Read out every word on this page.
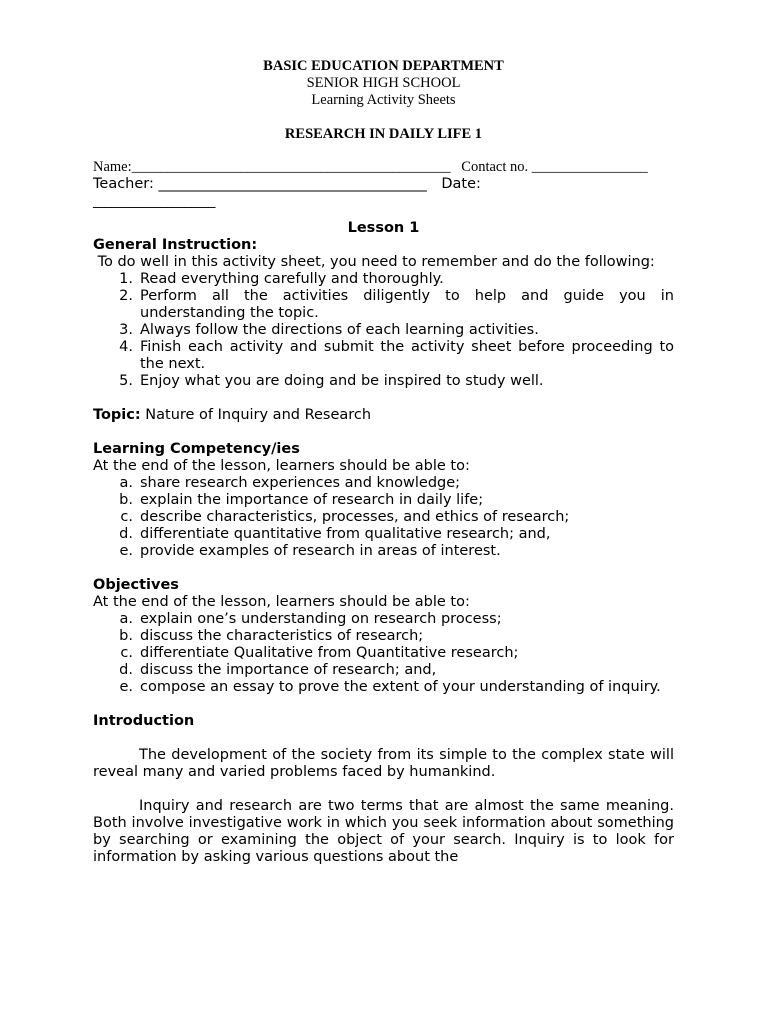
BASIC EDUCATION DEPARTMENT
SENIOR HIGH SCHOOL
Learning Activity Sheets
RESEARCH IN DAILY LIFE 1
Name:____________________________________________ Contact no. ________________
Teacher: _____________________________________ Date:
____________________
Lesson 1
General Instruction:
To do well in this activity sheet, you need to remember and do the following:
1. Read everything carefully and thoroughly.
2. Perform all the activities diligently to help and guide you in understanding the topic.
3. Always follow the directions of each learning activities.
4. Finish each activity and submit the activity sheet before proceeding to the next.
5. Enjoy what you are doing and be inspired to study well.
Topic: Nature of Inquiry and Research
Learning Competency/ies
At the end of the lesson, learners should be able to:
a. share research experiences and knowledge;
b. explain the importance of research in daily life;
c. describe characteristics, processes, and ethics of research;
d. differentiate quantitative from qualitative research; and,
e. provide examples of research in areas of interest.
Objectives
At the end of the lesson, learners should be able to:
a. explain one’s understanding on research process;
b. discuss the characteristics of research;
c. differentiate Qualitative from Quantitative research;
d. discuss the importance of research; and,
e. compose an essay to prove the extent of your understanding of inquiry.
Introduction
The development of the society from its simple to the complex state will reveal many and varied problems faced by humankind.
Inquiry and research are two terms that are almost the same meaning. Both involve investigative work in which you seek information about something by searching or examining the object of your search. Inquiry is to look for information by asking various questions about the
